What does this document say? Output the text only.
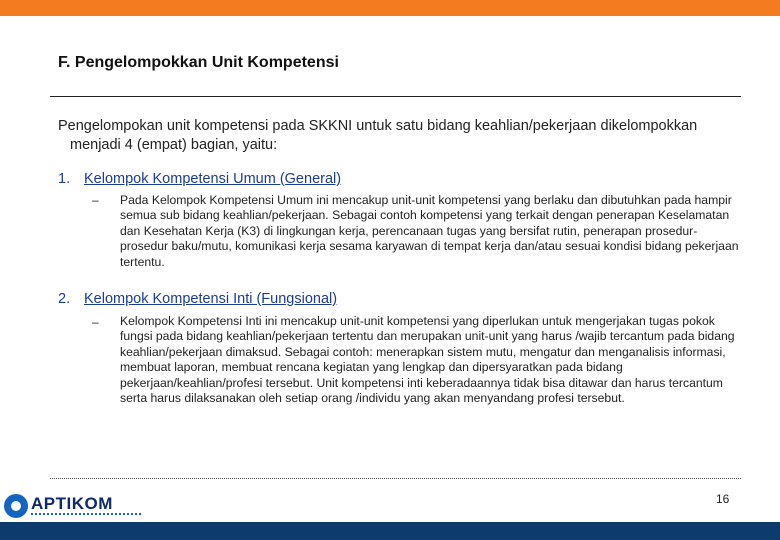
F. Pengelompokkan Unit Kompetensi
Pengelompokan unit kompetensi pada SKKNI untuk satu bidang keahlian/pekerjaan dikelompokkan menjadi 4 (empat) bagian, yaitu:
1. Kelompok Kompetensi Umum (General)
– Pada Kelompok Kompetensi Umum ini mencakup unit-unit kompetensi yang berlaku dan dibutuhkan pada hampir semua sub bidang keahlian/pekerjaan. Sebagai contoh kompetensi yang terkait dengan penerapan Keselamatan dan Kesehatan Kerja (K3) di lingkungan kerja, perencanaan tugas yang bersifat rutin, penerapan prosedur-prosedur baku/mutu, komunikasi kerja sesama karyawan di tempat kerja dan/atau sesuai kondisi bidang pekerjaan tertentu.
2. Kelompok Kompetensi Inti (Fungsional)
– Kelompok Kompetensi Inti ini mencakup unit-unit kompetensi yang diperlukan untuk mengerjakan tugas pokok fungsi pada bidang keahlian/pekerjaan tertentu dan merupakan unit-unit yang harus /wajib tercantum pada bidang keahlian/pekerjaan dimaksud. Sebagai contoh: menerapkan sistem mutu, mengatur dan menganalisis informasi, membuat laporan, membuat rencana kegiatan yang lengkap dan dipersyaratkan pada bidang pekerjaan/keahlian/profesi tersebut. Unit kompetensi inti keberadaannya tidak bisa ditawar dan harus tercantum serta harus dilaksanakan oleh setiap orang /individu yang akan menyandang profesi tersebut.
16
APTIKOM
